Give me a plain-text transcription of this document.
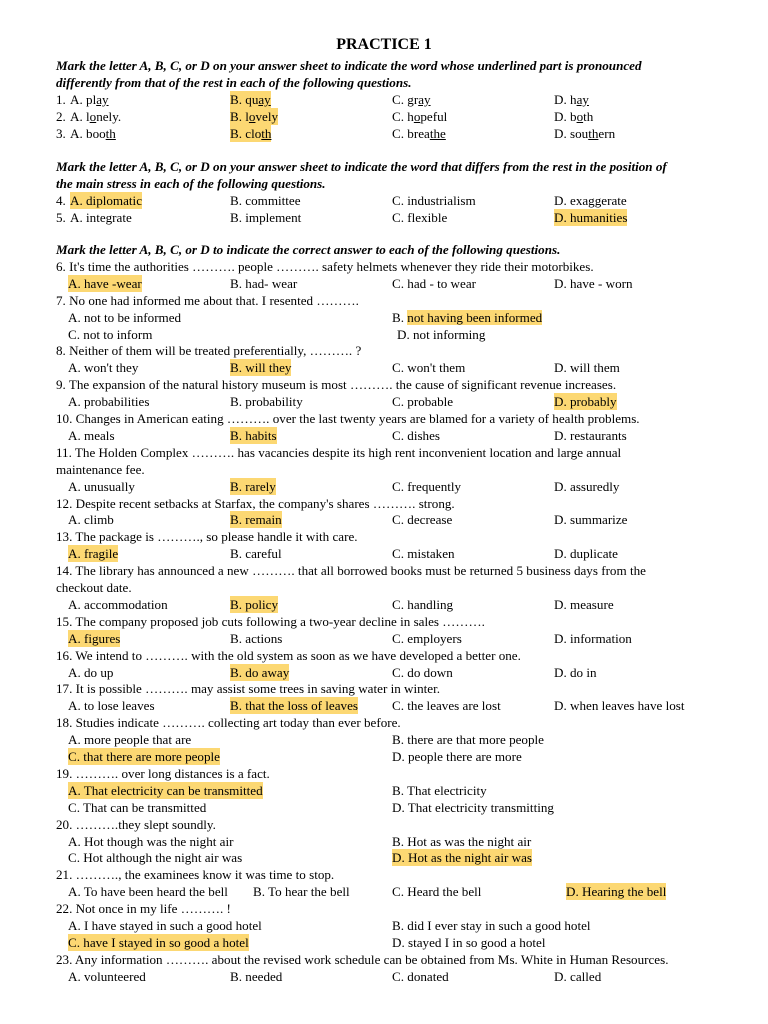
PRACTICE 1
Mark the letter A, B, C, or D on your answer sheet to indicate the word whose underlined part is pronounced
differently from that of the rest in each of the following questions.
1. A. play	B. quay	C. gray	D. hay
2. A. lonely.	B. lovely	C. hopeful	D. both
3. A. booth	B. cloth	C. breathe	D. southern
Mark the letter A, B, C, or D on your answer sheet to indicate the word that differs from the rest in the position of
the main stress in each of the following questions.
4. A. diplomatic	B. committee	C. industrialism	D. exaggerate
5. A. integrate	B. implement	C. flexible	D. humanities
Mark the letter A, B, C, or D to indicate the correct answer to each of the following questions.
6. It's time the authorities ………. people ………. safety helmets whenever they ride their motorbikes.
A. have -wear	B. had- wear	C. had - to wear	D. have - worn
7. No one had informed me about that. I resented ……….
A. not to be informed	B. not having been informed
C. not to inform	D. not informing
8. Neither of them will be treated preferentially, ………. ?
A. won't they	B. will they	C. won't them	D. will them
9. The expansion of the natural history museum is most ………. the cause of significant revenue increases.
A. probabilities	B. probability	C. probable	D. probably
10. Changes in American eating ………. over the last twenty years are blamed for a variety of health problems.
A. meals	B. habits	C. dishes	D. restaurants
11. The Holden Complex ………. has vacancies despite its high rent inconvenient location and large annual
maintenance fee.
A. unusually	B. rarely	C. frequently	D. assuredly
12. Despite recent setbacks at Starfax, the company's shares ………. strong.
A. climb	B. remain	C. decrease	D. summarize
13. The package is ………., so please handle it with care.
A. fragile	B. careful	C. mistaken	D. duplicate
14. The library has announced a new ………. that all borrowed books must be returned 5 business days from the
checkout date.
A. accommodation	B. policy	C. handling	D. measure
15. The company proposed job cuts following a two-year decline in sales ……….
A. figures	B. actions	C. employers	D. information
16. We intend to ………. with the old system as soon as we have developed a better one.
A. do up	B. do away	C. do down	D. do in
17. It is possible ………. may assist some trees in saving water in winter.
A. to lose leaves	B. that the loss of leaves	C. the leaves are lost	D. when leaves have lost
18. Studies indicate ………. collecting art today than ever before.
A. more people that are	B. there are that more people
C. that there are more people	D. people there are more
19. ………. over long distances is a fact.
A. That electricity can be transmitted	B. That electricity
C. That can be transmitted	D. That electricity transmitting
20. ……….they slept soundly.
A. Hot though was the night air	B. Hot as was the night air
C. Hot although the night air was	D. Hot as the night air was
21. ………., the examinees know it was time to stop.
A. To have been heard the bell B. To hear the bell	C. Heard the bell	D. Hearing the bell
22. Not once in my life ………. !
A. I have stayed in such a good hotel	B. did I ever stay in such a good hotel
C. have I stayed in so good a hotel	D. stayed I in so good a hotel
23. Any information ………. about the revised work schedule can be obtained from Ms. White in Human Resources.
A. volunteered	B. needed	C. donated	D. called
